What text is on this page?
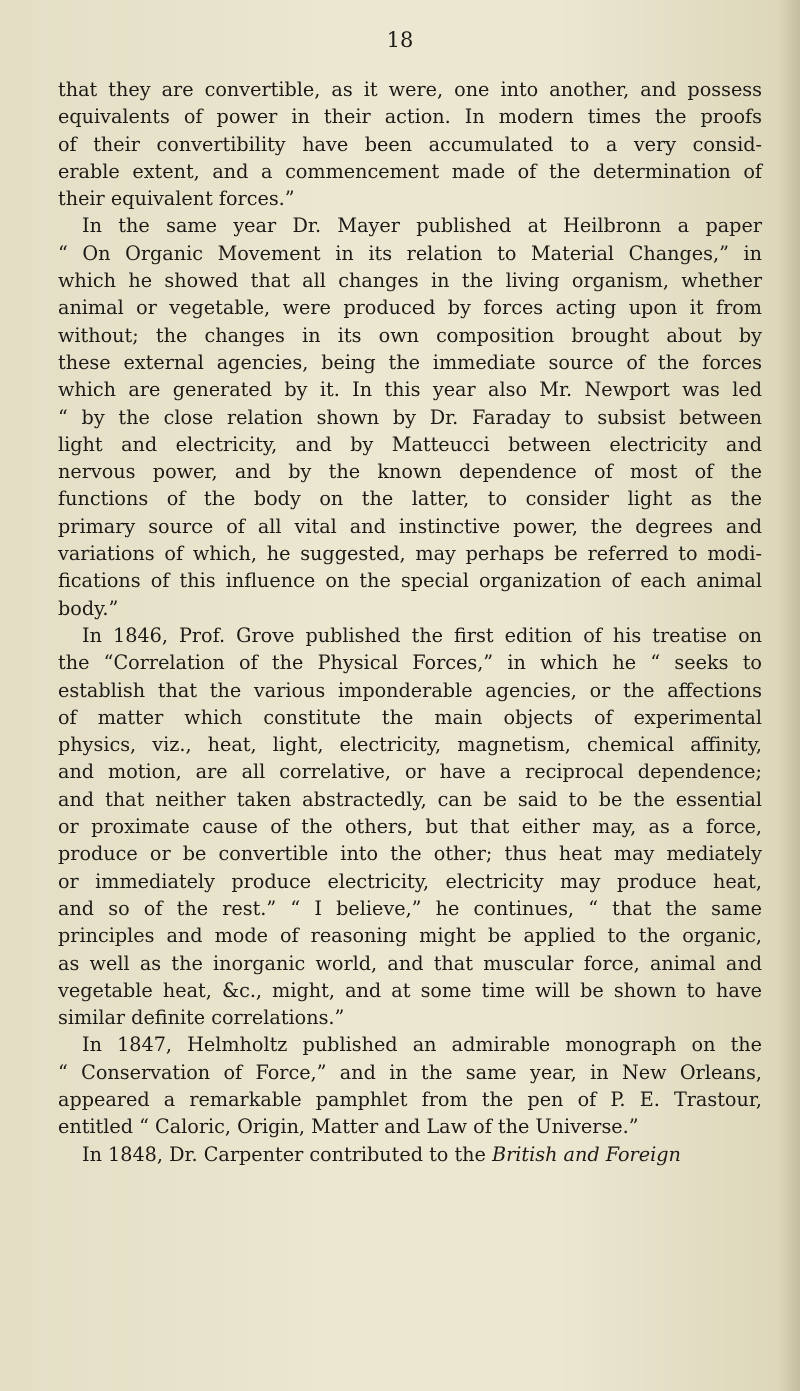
18
that they are convertible, as it were, one into another, and possess
equivalents of power in their action. In modern times the proofs
of their convertibility have been accumulated to a very consid-
erable extent, and a commencement made of the determination of
their equivalent forces.”
In the same year Dr. Mayer published at Heilbronn a paper
“ On Organic Movement in its relation to Material Changes,” in
which he showed that all changes in the living organism, whether
animal or vegetable, were produced by forces acting upon it from
without; the changes in its own composition brought about by
these external agencies, being the immediate source of the forces
which are generated by it. In this year also Mr. Newport was led
“ by the close relation shown by Dr. Faraday to subsist between
light and electricity, and by Matteucci between electricity and
nervous power, and by the known dependence of most of the
functions of the body on the latter, to consider light as the
primary source of all vital and instinctive power, the degrees and
variations of which, he suggested, may perhaps be referred to modi-
fications of this influence on the special organization of each animal
body.”
In 1846, Prof. Grove published the first edition of his treatise on
the “Correlation of the Physical Forces,” in which he “ seeks to
establish that the various imponderable agencies, or the affections
of matter which constitute the main objects of experimental
physics, viz., heat, light, electricity, magnetism, chemical affinity,
and motion, are all correlative, or have a reciprocal dependence;
and that neither taken abstractedly, can be said to be the essential
or proximate cause of the others, but that either may, as a force,
produce or be convertible into the other; thus heat may mediately
or immediately produce electricity, electricity may produce heat,
and so of the rest.” “ I believe,” he continues, “ that the same
principles and mode of reasoning might be applied to the organic,
as well as the inorganic world, and that muscular force, animal and
vegetable heat, &c., might, and at some time will be shown to have
similar definite correlations.”
In 1847, Helmholtz published an admirable monograph on the
“ Conservation of Force,” and in the same year, in New Orleans,
appeared a remarkable pamphlet from the pen of P. E. Trastour,
entitled “ Caloric, Origin, Matter and Law of the Universe.”
In 1848, Dr. Carpenter contributed to the British and Foreign
